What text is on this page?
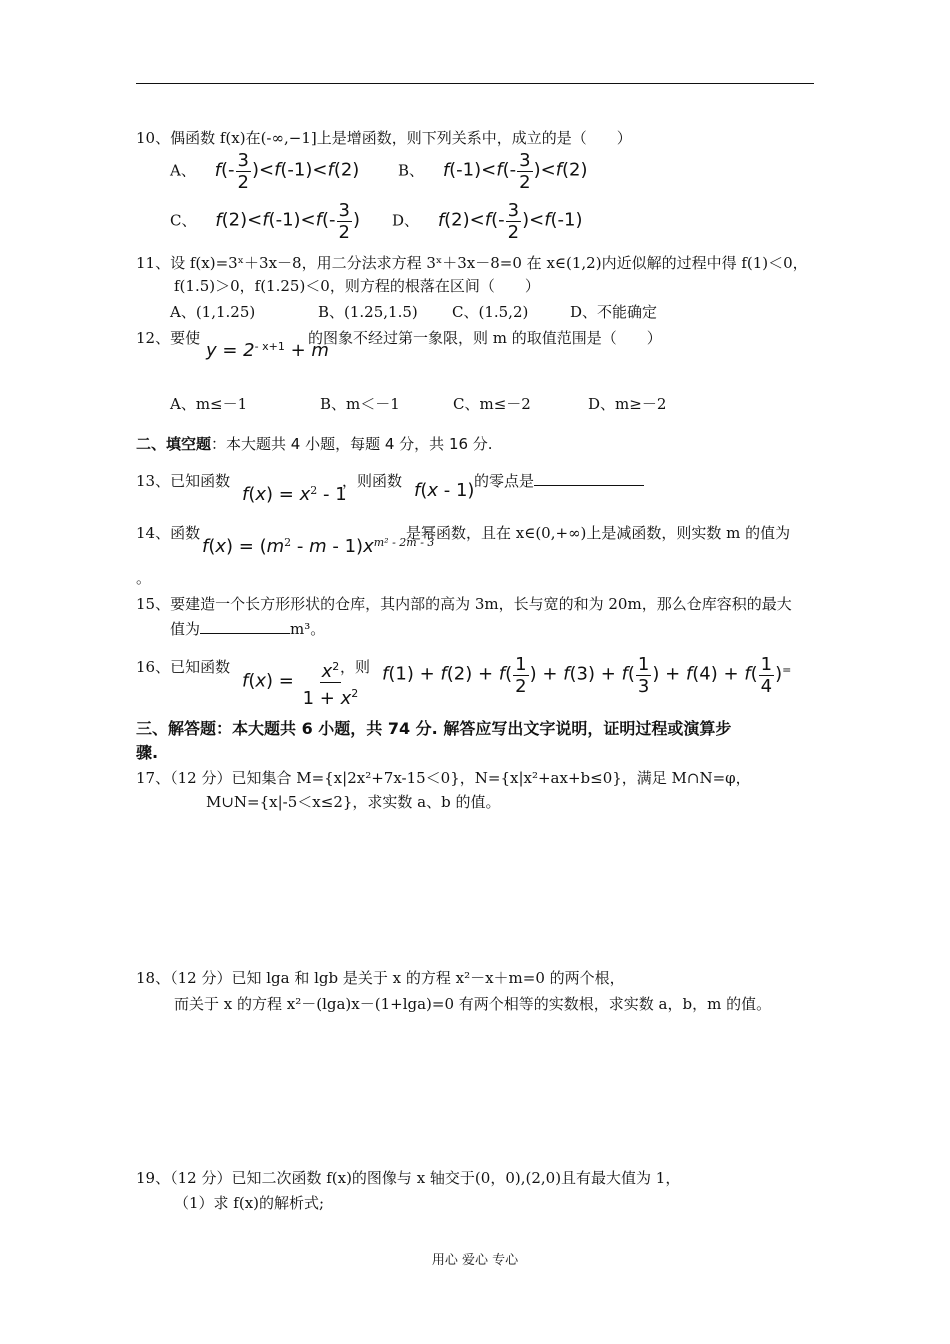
10、偶函数 f(x)在(-∞,−1]上是增函数，则下列关系中，成立的是（　　）
A、 $f(- \frac{3}{2} )<f(-1)<f(2)$	B、 $f(-1)<f(- \frac{3}{2} )<f(2)$
C、 $f(2)<f(-1)<f(- \frac{3}{2}$ ) D、 $f(2)<f(- \frac{3}{2} )<f(-1)$
11、设 f(x)=3ˣ＋3x－8，用二分法求方程 3ˣ＋3x－8=0 在 x∈(1,2)内近似解的过程中得 f(1)＜0，
f(1.5)＞0，f(1.25)＜0，则方程的根落在区间（　　）
A、(1,1.25)	B、(1.25,1.5) C、(1.5,2)	D、不能确定
12、要使
$y = 2^{- x+1} + m$
的图象不经过第一象限，则 m 的取值范围是（　　）
A、m≤－1	B、m＜－1	C、m≤－2	D、m≥－2
二、填空题：本大题共 4 小题，每题 4 分，共 16 分.
13、已知函数
$f(x) = x^2 - 1$
，则函数 f(x - 1) 的零点是
14、函数
$f(x) = (m^2 - m - 1)x^{m^2 - 2m - 3}$
是幂函数，且在 x∈(0,+∞)上是减函数，则实数 m 的值为
。
15、要建造一个长方形形状的仓库，其内部的高为 3m，长与宽的和为 20m，那么仓库容积的最大
值为	m³。
16、已知函数
$f(x) = \frac{x^2}{1 + x^2}$
，则 $f(1) + f(2) + f( \frac{1}{2}$ ) + $f(3) + f( \frac{1}{3}$ ) + $f(4) + f( \frac{1}{4} )^=$
三、解答题：本大题共 6 小题，共 74 分. 解答应写出文字说明，证明过程或演算步
骤.
17、（12 分）已知集合 M={x|2x²+7x-15＜0}，N={x|x²+ax+b≤0}，满足 M∩N=φ，
M∪N={x|-5＜x≤2}，求实数 a、b 的值。
18、（12 分）已知 lga 和 lgb 是关于 x 的方程 x²－x＋m=0 的两个根，
而关于 x 的方程 x²－(lga)x－(1+lga)=0 有两个相等的实数根，求实数 a，b，m 的值。
19、（12 分）已知二次函数 f(x)的图像与 x 轴交于(0，0),(2,0)且有最大值为 1，
（1）求 f(x)的解析式;
用心 爱心 专心
